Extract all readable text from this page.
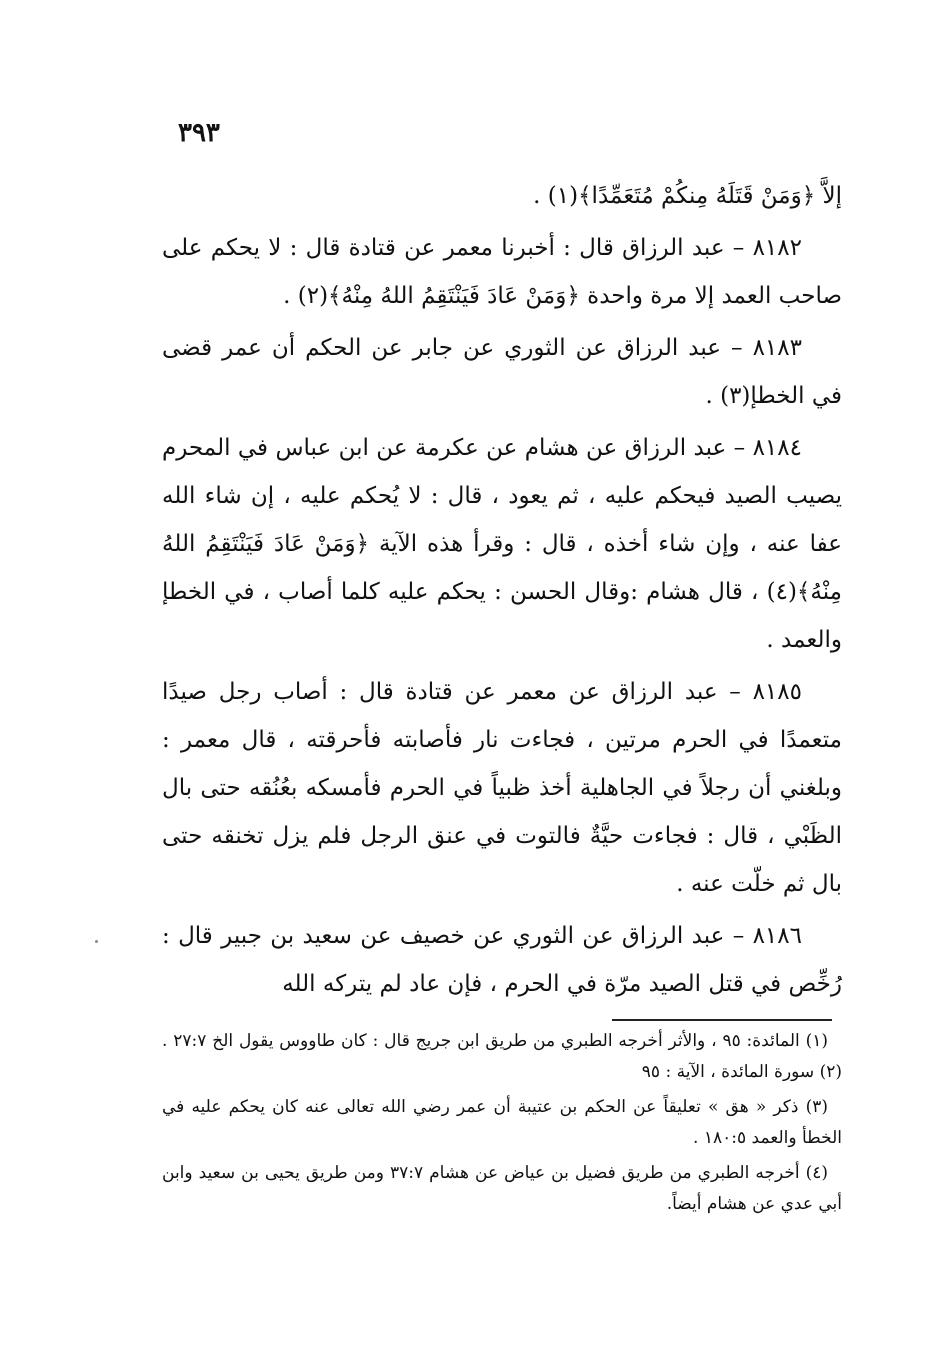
٣٩٣

إلاَّ ﴿وَمَنْ قَتَلَهُ مِنكُمْ مُتَعَمِّدًا﴾(١) .

٨١٨٢ – عبد الرزاق قال : أخبرنا معمر عن قتادة قال : لا يحكم على صاحب العمد إلا مرة واحدة ﴿وَمَنْ عَادَ فَيَنْتَقِمُ اللهُ مِنْهُ﴾(٢) .

٨١٨٣ – عبد الرزاق عن الثوري عن جابر عن الحكم أن عمر قضى في الخطإ(٣) .

٨١٨٤ – عبد الرزاق عن هشام عن عكرمة عن ابن عباس في المحرم يصيب الصيد فيحكم عليه ، ثم يعود ، قال : لا يُحكم عليه ، إن شاء الله عفا عنه ، وإن شاء أخذه ، قال : وقرأ هذه الآية ﴿وَمَنْ عَادَ فَيَنْتَقِمُ اللهُ مِنْهُ﴾(٤) ، قال هشام :وقال الحسن : يحكم عليه كلما أصاب ، في الخطإ والعمد .

٨١٨٥ – عبد الرزاق عن معمر عن قتادة قال : أصاب رجل صيدًا متعمدًا في الحرم مرتين ، فجاءت نار فأصابته فأحرقته ، قال معمر : وبلغني أن رجلاً في الجاهلية أخذ ظبياً في الحرم فأمسكه بعُنُقه حتى بال الظَبْي ، قال : فجاءت حيَّةٌ فالتوت في عنق الرجل فلم يزل تخنقه حتى بال ثم خلّت عنه .

٨١٨٦ – عبد الرزاق عن الثوري عن خصيف عن سعيد بن جبير قال : رُخِّص في قتل الصيد مرّة في الحرم ، فإن عاد لم يتركه الله

(١) المائدة: ٩٥ ، والأثر أخرجه الطبري من طريق ابن جريج قال : كان طاووس يقول الخ ٢٧:٧ . (٢) سورة المائدة ، الآية : ٩٥

(٣) ذكر « هق » تعليقاً عن الحكم بن عتيبة أن عمر رضي الله تعالى عنه كان يحكم عليه في الخطأ والعمد ١٨٠:٥ .

(٤) أخرجه الطبري من طريق فضيل بن عياض عن هشام ٣٧:٧ ومن طريق يحيى بن سعيد وابن أبي عدي عن هشام أيضاً.
